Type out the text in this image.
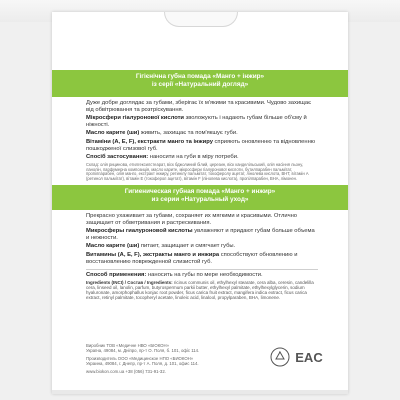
Гігієнічна губна помада «Манго + інжир»
із серії «Натуральний догляд»

Дуже добре доглядає за губами, зберігає їх м'якими та красивими. Чудово захищає від обвітрювання та розтріскування.

Мікросфери гіалуронової кислоти зволожують і надають губам більше об'єму й ніжності.

Масло карите (ши) живить, захищає та пом'якшує губи.

Вітаміни (A, E, F), екстракти манго та інжиру сприяють оновленню та відновленню пошкодженої слизової губ.

Спосіб застосування: наносити на губи в міру потреби.

Склад: олія рицинова, етилгексилстеарат, віск бджолиний білий, церезин, віск канделільський, олія насіння льону, ланолін, парфумерна композиція, масло карите, мікросфери гіалуронової кислоти, бутилпарабен пальмітат, пропілпарабен, олія манго, екстракт інжиру, ретинілу пальмітат, токоферолу ацетат, лінолева кислота, ВНТ, вітамін A (ретинол пальмітат), вітамін E (токоферол ацетат), вітамін F (лінолева кислота), пропілпарабен, ВНА, лімонен.

Гигиеническая губная помада «Манго + инжир»
из серии «Натуральный уход»

Прекрасно ухаживает за губами, сохраняет их мягкими и красивыми. Отлично защищает от обветривания и растрескивания.

Микросферы гиалуроновой кислоты увлажняют и придают губам больше объема и нежности.

Масло карите (ши) питает, защищает и смягчает губы.

Витамины (A, E, F), экстракты манго и инжира способствуют обновлению и восстановлению поврежденной слизистой губ.

Способ применения: наносить на губы по мере необходимости.

Ingredients (INCI) / Состав / Ingredients: ricinus communis oil, ethylhexyl stearate, cera alba, ceresin, candelilla cera, linseed oil, lanolin, parfum, butyrospermum parkii butter, ethylhexyl palmitate, ethylhexylglycerin, sodium hyaluronate, amorphophallus konjac root powder, ficus carica fruit extract, mangifera indica extract, ficus carica extract, retinyl palmitate, tocopheryl acetate, linoleic acid, linalool, propylparaben, BHA, limonene.

Виробник ТОВ «Медичне НВО «БІОКОН»
Україна, 49084, м. Дніпро, пр-т О. Поля, б. 101, офіс 114.

Производитель ООО «Медицинское НПО «БИОКОН»
Украина, 49084, г. Днепр, пр-т А. Поля, д. 101, офис 114.

www.biokon.com.ua +38 (056) 731-91-32.

EAC
